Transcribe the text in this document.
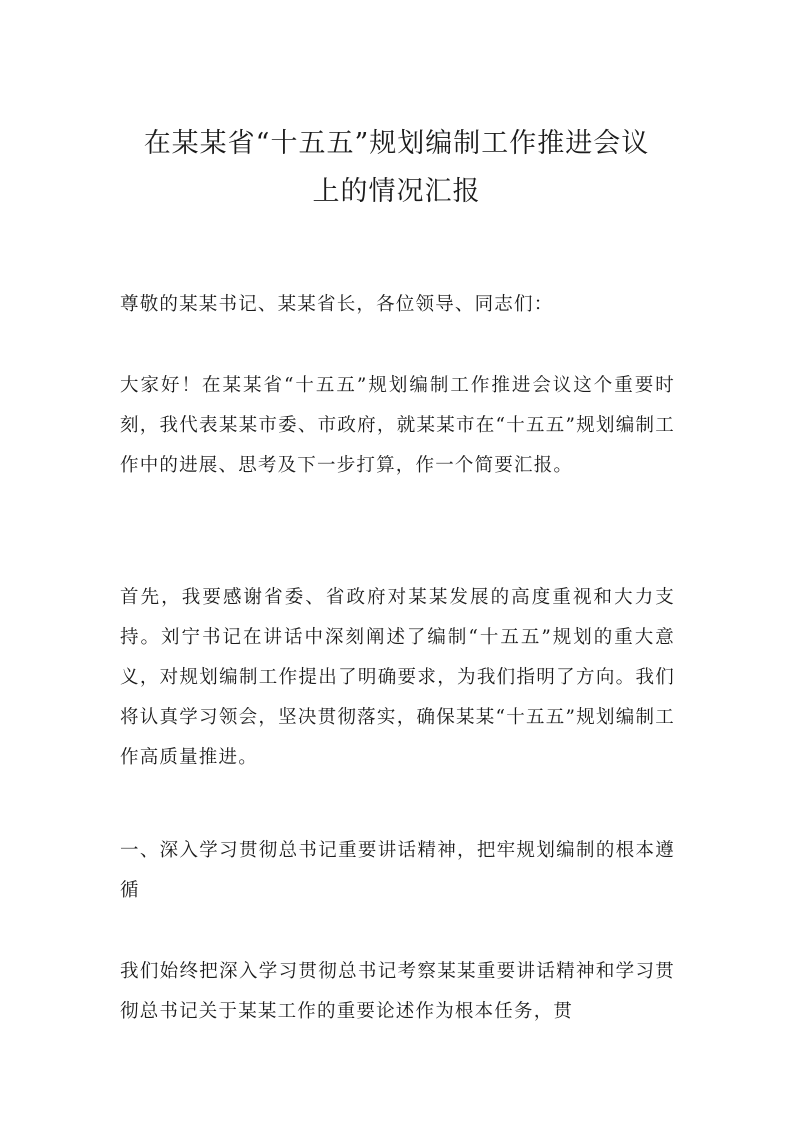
在某某省“十五五”规划编制工作推进会议
上的情况汇报

尊敬的某某书记、某某省长，各位领导、同志们：

大家好！在某某省“十五五”规划编制工作推进会议这个重要时刻，我代表某某市委、市政府，就某某市在“十五五”规划编制工作中的进展、思考及下一步打算，作一个简要汇报。

首先，我要感谢省委、省政府对某某发展的高度重视和大力支持。刘宁书记在讲话中深刻阐述了编制“十五五”规划的重大意义，对规划编制工作提出了明确要求，为我们指明了方向。我们将认真学习领会，坚决贯彻落实，确保某某“十五五”规划编制工作高质量推进。

一、深入学习贯彻总书记重要讲话精神，把牢规划编制的根本遵循

我们始终把深入学习贯彻总书记考察某某重要讲话精神和学习贯彻总书记关于某某工作的重要论述作为根本任务，贯
